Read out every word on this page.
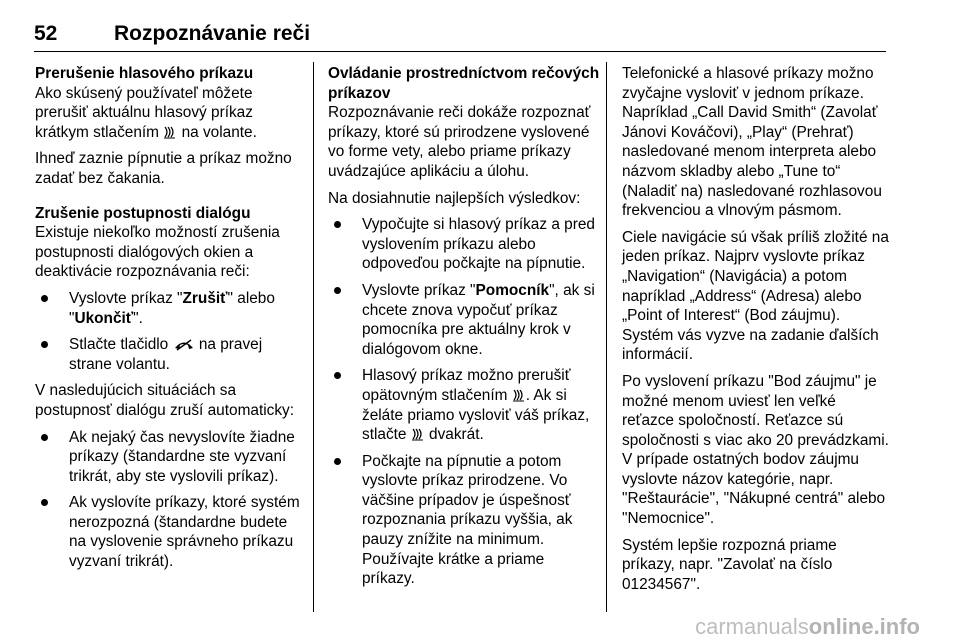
52	Rozpoznávanie reči

Prerušenie hlasového príkazu

Ako skúsený používateľ môžete prerušiť aktuálnu hlasový príkaz krátkym stlačením na volante.

Ihneď zaznie pípnutie a príkaz možno zadať bez čakania.

Zrušenie postupnosti dialógu

Existuje niekoľko možností zrušenia postupnosti dialógových okien a deaktivácie rozpoznávania reči:

Vyslovte príkaz "Zrušiť" alebo "Ukončiť".
Stlačte tlačidlo na pravej strane volantu.

V nasledujúcich situáciách sa postupnosť dialógu zruší automaticky:

Ak nejaký čas nevyslovíte žiadne príkazy (štandardne ste vyzvaní trikrát, aby ste vyslovili príkaz).
Ak vyslovíte príkazy, ktoré systém nerozpozná (štandardne budete na vyslovenie správneho príkazu vyzvaní trikrát).

Ovládanie prostredníctvom rečových príkazov

Rozpoznávanie reči dokáže rozpoznať príkazy, ktoré sú prirodzene vyslovené vo forme vety, alebo priame príkazy uvádzajúce aplikáciu a úlohu.

Na dosiahnutie najlepších výsledkov:

Vypočujte si hlasový príkaz a pred vyslovením príkazu alebo odpoveďou počkajte na pípnutie.
Vyslovte príkaz "Pomocník", ak si chcete znova vypočuť príkaz pomocníka pre aktuálny krok v dialógovom okne.
Hlasový príkaz možno prerušiť opätovným stlačením . Ak si želáte priamo vysloviť váš príkaz, stlačte dvakrát.
Počkajte na pípnutie a potom vyslovte príkaz prirodzene. Vo väčšine prípadov je úspešnosť rozpoznania príkazu vyššia, ak pauzy znížite na minimum. Používajte krátke a priame príkazy.

Telefonické a hlasové príkazy možno zvyčajne vysloviť v jednom príkaze. Napríklad „Call David Smith“ (Zavolať Jánovi Kováčovi), „Play“ (Prehrať) nasledované menom interpreta alebo názvom skladby alebo „Tune to“ (Naladiť na) nasledované rozhlasovou frekvenciou a vlnovým pásmom.

Ciele navigácie sú však príliš zložité na jeden príkaz. Najprv vyslovte príkaz „Navigation“ (Navigácia) a potom napríklad „Address“ (Adresa) alebo „Point of Interest“ (Bod záujmu). Systém vás vyzve na zadanie ďalších informácií.

Po vyslovení príkazu "Bod záujmu" je možné menom uviesť len veľké reťazce spoločností. Reťazce sú spoločnosti s viac ako 20 prevádzkami. V prípade ostatných bodov záujmu vyslovte názov kategórie, napr. "Reštaurácie", "Nákupné centrá" alebo "Nemocnice".

Systém lepšie rozpozná priame príkazy, napr. "Zavolať na číslo 01234567".

carmanualsonline.info
